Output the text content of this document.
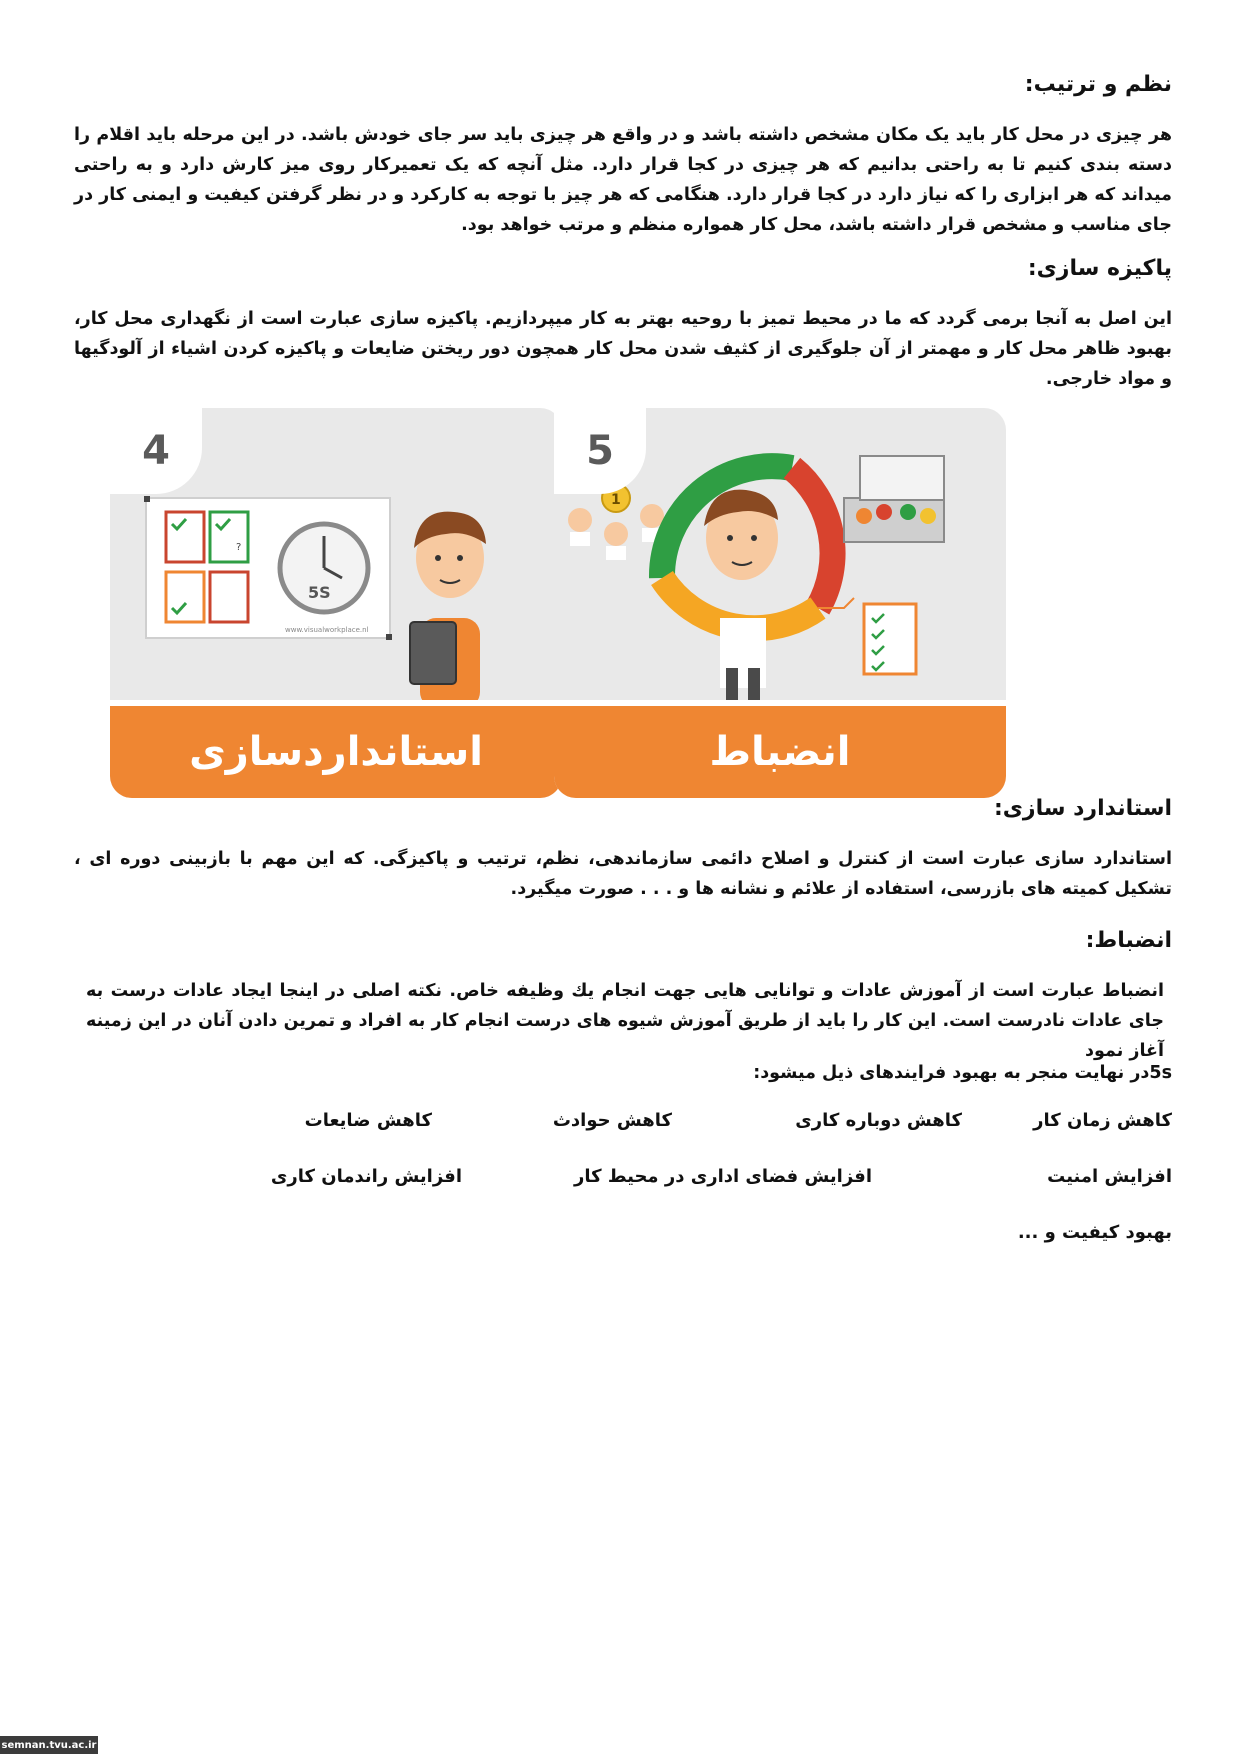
نظم و ترتیب:

هر چیزی در محل کار باید یک مکان مشخص داشته باشد و در واقع هر چیزی باید سر جای خودش باشد. در این مرحله باید اقلام را دسته بندی کنیم تا به راحتی بدانیم که هر چیزی در کجا قرار دارد. مثل آنچه که یک تعمیرکار روی میز کارش دارد و به راحتی میداند که هر ابزاری را که نیاز دارد در کجا قرار دارد. هنگامی که هر چیز با توجه به کارکرد و در نظر گرفتن کیفیت و ایمنی کار در جای مناسب و مشخص قرار داشته باشد، محل کار همواره منظم و مرتب خواهد بود.

پاکیزه سازی:

این اصل به آنجا برمی گردد که ما در محیط تمیز با روحیه بهتر به کار میپردازیم. پاکیزه سازی عبارت است از نگهداری محل کار، بهبود ظاهر محل کار و مهمتر از آن جلوگیری از کثیف شدن محل کار همچون دور ریختن ضایعات و پاکیزه کردن اشیاء از آلودگیها و مواد خارجی.

?
5S
www.visualworkplace.nl
4
استانداردسازی
1
5
انضباط
استاندارد سازی:

استاندارد سازی عبارت است از کنترل و اصلاح دائمی سازماندهی، نظم، ترتیب و پاکیزگی. که این مهم با بازبینی دوره ای ، تشکیل کمیته های بازرسی، استفاده از علائم و نشانه ها و . . . صورت میگیرد.

انضباط:

انضباط عبارت است از آموزش عادات و توانایی هایی جهت انجام یك وظیفه خاص. نکته اصلی در اینجا ایجاد عادات درست به جای عادات نادرست است. این کار را باید از طریق آموزش شیوه های درست انجام کار به افراد و تمرین دادن آنان در این زمینه آغاز نمود

5sدر نهایت منجر به بهبود فرایندهای ذیل میشود:

کاهش زمان کار
کاهش دوباره کاری
کاهش حوادث
کاهش ضایعات
افزایش امنیت
افزایش فضای اداری در محیط کار
افزایش راندمان کاری
بهبود کیفیت و ...
semnan.tvu.ac.ir
